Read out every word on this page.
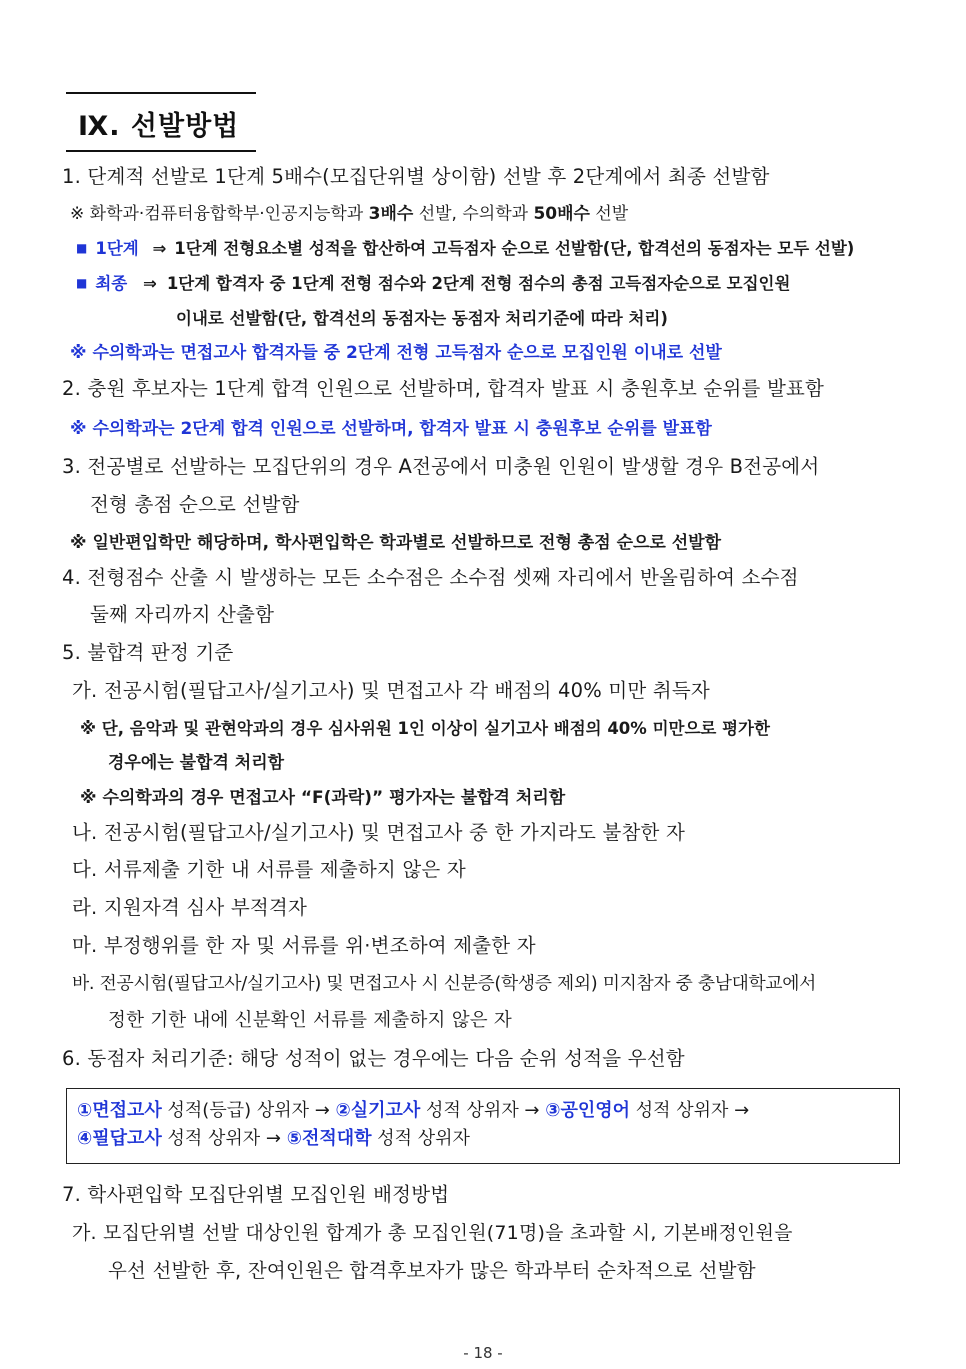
Ⅸ. 선발방법
1. 단계적 선발로 1단계 5배수(모집단위별 상이함) 선발 후 2단계에서 최종 선발함
※ 화학과·컴퓨터융합학부·인공지능학과 3배수 선발, 수의학과 50배수 선발
■ 1단계 ⇒ 1단계 전형요소별 성적을 합산하여 고득점자 순으로 선발함(단, 합격선의 동점자는 모두 선발)
■ 최종 ⇒ 1단계 합격자 중 1단계 전형 점수와 2단계 전형 점수의 총점 고득점자순으로 모집인원
이내로 선발함(단, 합격선의 동점자는 동점자 처리기준에 따라 처리)
※ 수의학과는 면접고사 합격자들 중 2단계 전형 고득점자 순으로 모집인원 이내로 선발
2. 충원 후보자는 1단계 합격 인원으로 선발하며, 합격자 발표 시 충원후보 순위를 발표함
※ 수의학과는 2단계 합격 인원으로 선발하며, 합격자 발표 시 충원후보 순위를 발표함
3. 전공별로 선발하는 모집단위의 경우 A전공에서 미충원 인원이 발생할 경우 B전공에서
전형 총점 순으로 선발함
※ 일반편입학만 해당하며, 학사편입학은 학과별로 선발하므로 전형 총점 순으로 선발함
4. 전형점수 산출 시 발생하는 모든 소수점은 소수점 셋째 자리에서 반올림하여 소수점
둘째 자리까지 산출함
5. 불합격 판정 기준
가. 전공시험(필답고사/실기고사) 및 면접고사 각 배점의 40% 미만 취득자
※ 단, 음악과 및 관현악과의 경우 심사위원 1인 이상이 실기고사 배점의 40% 미만으로 평가한
경우에는 불합격 처리함
※ 수의학과의 경우 면접고사 “F(과락)” 평가자는 불합격 처리함
나. 전공시험(필답고사/실기고사) 및 면접고사 중 한 가지라도 불참한 자
다. 서류제출 기한 내 서류를 제출하지 않은 자
라. 지원자격 심사 부적격자
마. 부정행위를 한 자 및 서류를 위·변조하여 제출한 자
바. 전공시험(필답고사/실기고사) 및 면접고사 시 신분증(학생증 제외) 미지참자 중 충남대학교에서
정한 기한 내에 신분확인 서류를 제출하지 않은 자
6. 동점자 처리기준: 해당 성적이 없는 경우에는 다음 순위 성적을 우선함
①면접고사 성적(등급) 상위자 → ②실기고사 성적 상위자 → ③공인영어 성적 상위자 →
④필답고사 성적 상위자 → ⑤전적대학 성적 상위자
7. 학사편입학 모집단위별 모집인원 배정방법
가. 모집단위별 선발 대상인원 합계가 총 모집인원(71명)을 초과할 시, 기본배정인원을
우선 선발한 후, 잔여인원은 합격후보자가 많은 학과부터 순차적으로 선발함
- 18 -
